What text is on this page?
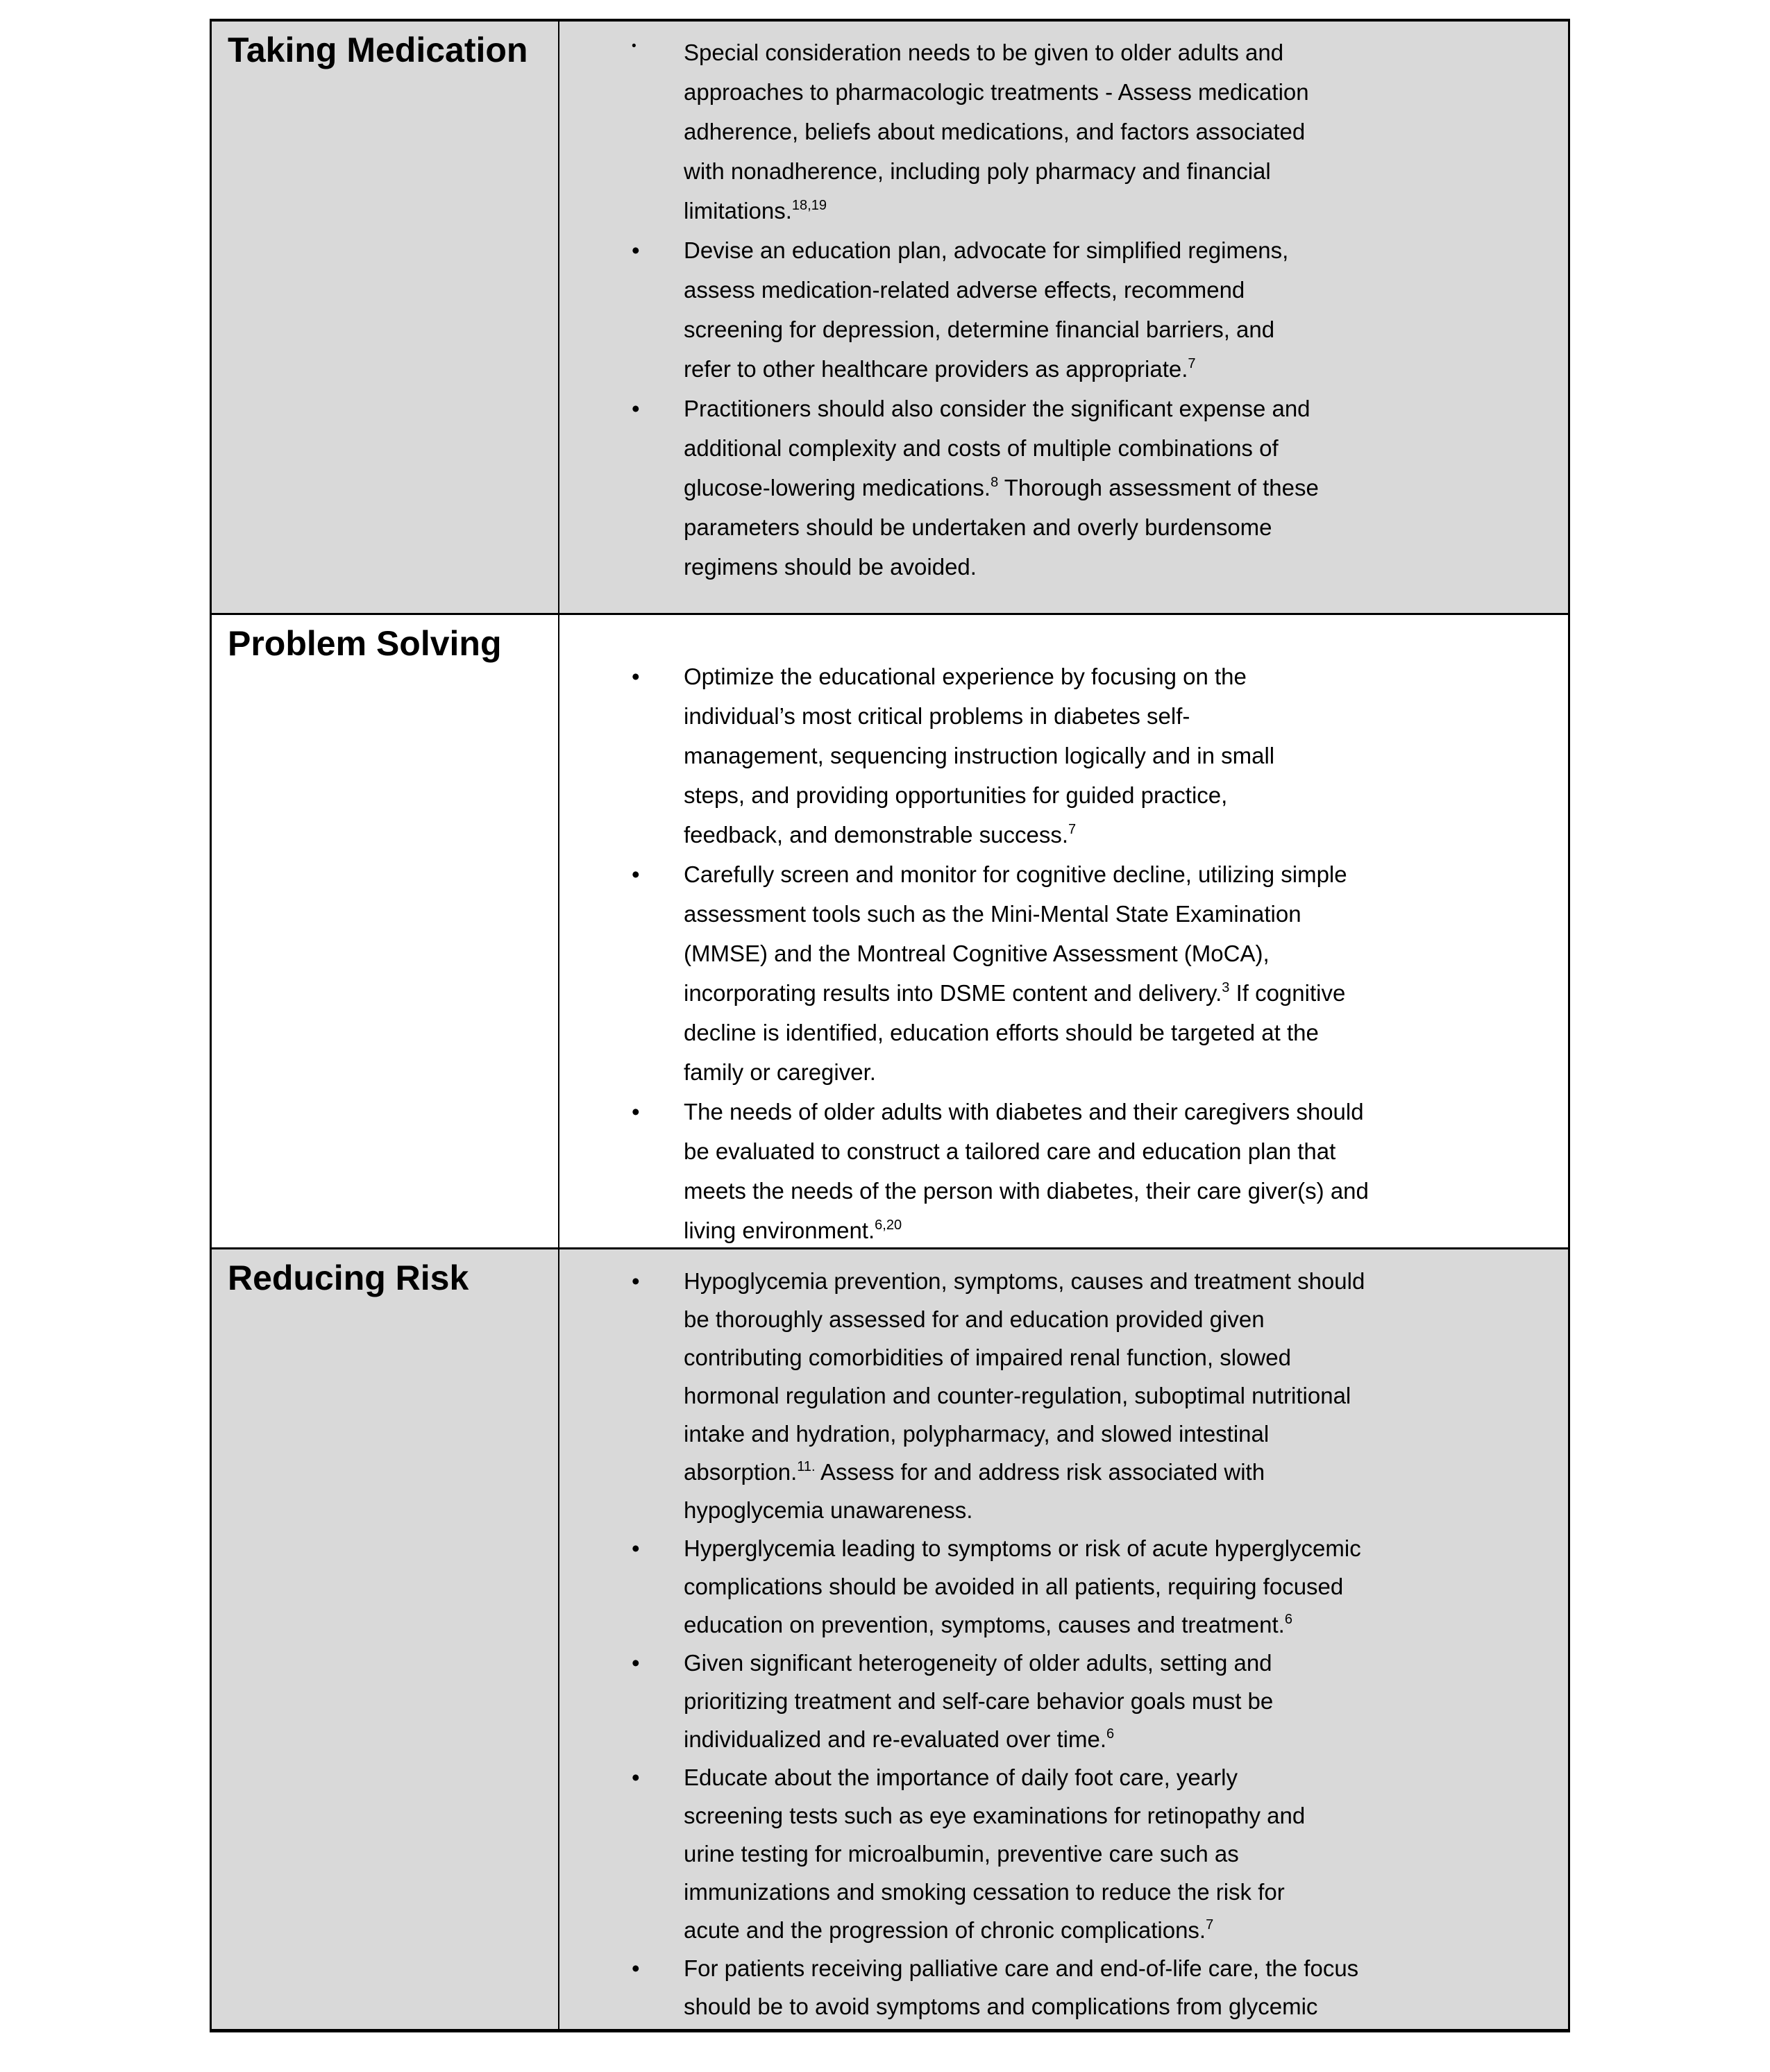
Taking Medication	•	Special consideration needs to be given to older adults and
approaches to pharmacologic treatments - Assess medication
adherence, beliefs about medications, and factors associated
with nonadherence, including poly pharmacy and financial
limitations.$^{18,19}$
•	Devise an education plan, advocate for simplified regimens,
assess medication-related adverse effects, recommend
screening for depression, determine financial barriers, and
refer to other healthcare providers as appropriate.$^7$
•	Practitioners should also consider the significant expense and
additional complexity and costs of multiple combinations of
glucose-lowering medications.$^8$ Thorough assessment of these
parameters should be undertaken and overly burdensome
regimens should be avoided.
Problem Solving
•	Optimize the educational experience by focusing on the
individual’s most critical problems in diabetes self-
management, sequencing instruction logically and in small
steps, and providing opportunities for guided practice,
feedback, and demonstrable success.$^7$
•	Carefully screen and monitor for cognitive decline, utilizing simple
assessment tools such as the Mini-Mental State Examination
(MMSE) and the Montreal Cognitive Assessment (MoCA),
incorporating results into DSME content and delivery.$^3$ If cognitive
decline is identified, education efforts should be targeted at the
family or caregiver.
•	The needs of older adults with diabetes and their caregivers should
be evaluated to construct a tailored care and education plan that
meets the needs of the person with diabetes, their care giver(s) and
living environment.$^{6,20}$
Reducing Risk	•	Hypoglycemia prevention, symptoms, causes and treatment should
be thoroughly assessed for and education provided given
contributing comorbidities of impaired renal function, slowed
hormonal regulation and counter-regulation, suboptimal nutritional
intake and hydration, polypharmacy, and slowed intestinal
absorption.$^{11.}$ Assess for and address risk associated with
hypoglycemia unawareness.
•	Hyperglycemia leading to symptoms or risk of acute hyperglycemic
complications should be avoided in all patients, requiring focused
education on prevention, symptoms, causes and treatment.$^6$
•	Given significant heterogeneity of older adults, setting and
prioritizing treatment and self-care behavior goals must be
individualized and re-evaluated over time.$^6$
•	Educate about the importance of daily foot care, yearly
screening tests such as eye examinations for retinopathy and
urine testing for microalbumin, preventive care such as
immunizations and smoking cessation to reduce the risk for
acute and the progression of chronic complications.$^7$
•	For patients receiving palliative care and end-of-life care, the focus
should be to avoid symptoms and complications from glycemic
